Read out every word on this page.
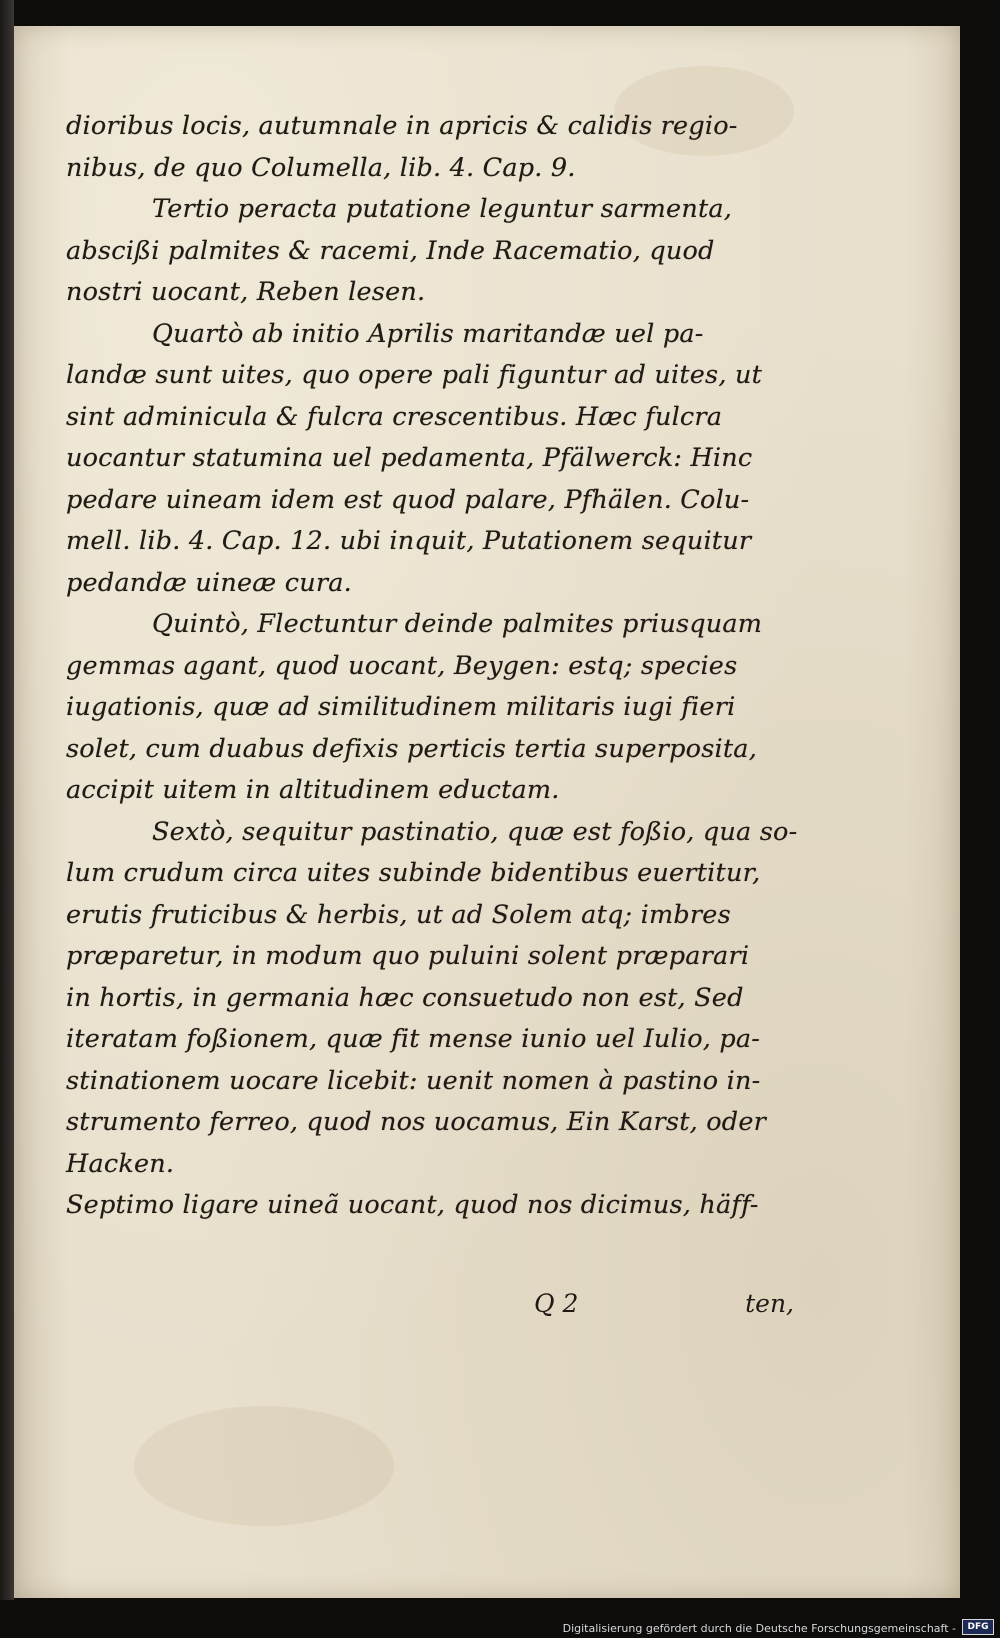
dioribus locis, autumnale in apricis & calidis regio-
nibus, de quo Columella, lib. 4. Cap. 9.
Tertio peracta putatione leguntur sarmenta,
abscißi palmites & racemi, Inde Racematio, quod
nostri uocant, Reben lesen.
Quartò ab initio Aprilis maritandæ uel pa-
landæ sunt uites, quo opere pali figuntur ad uites, ut
sint adminicula & fulcra crescentibus. Hæc fulcra
uocantur statumina uel pedamenta, Pfälwerck: Hinc
pedare uineam idem est quod palare, Pfhälen. Colu-
mell. lib. 4. Cap. 12. ubi inquit, Putationem sequitur
pedandæ uineæ cura.
Quintò, Flectuntur deinde palmites priusquam
gemmas agant, quod uocant, Beygen: estq; species
iugationis, quæ ad similitudinem militaris iugi fieri
solet, cum duabus defixis perticis tertia superposita,
accipit uitem in altitudinem eductam.
Sextò, sequitur pastinatio, quæ est foßio, qua so-
lum crudum circa uites subinde bidentibus euertitur,
erutis fruticibus & herbis, ut ad Solem atq; imbres
præparetur, in modum quo puluini solent præparari
in hortis, in germania hæc consuetudo non est, Sed
iteratam foßionem, quæ fit mense iunio uel Iulio, pa-
stinationem uocare licebit: uenit nomen à pastino in-
strumento ferreo, quod nos uocamus, Ein Karst, oder
Hacken.
Septimo ligare uineã uocant, quod nos dicimus, häff-
Q 2	ten,
Digitalisierung gefördert durch die Deutsche Forschungsgemeinschaft -	DFG
